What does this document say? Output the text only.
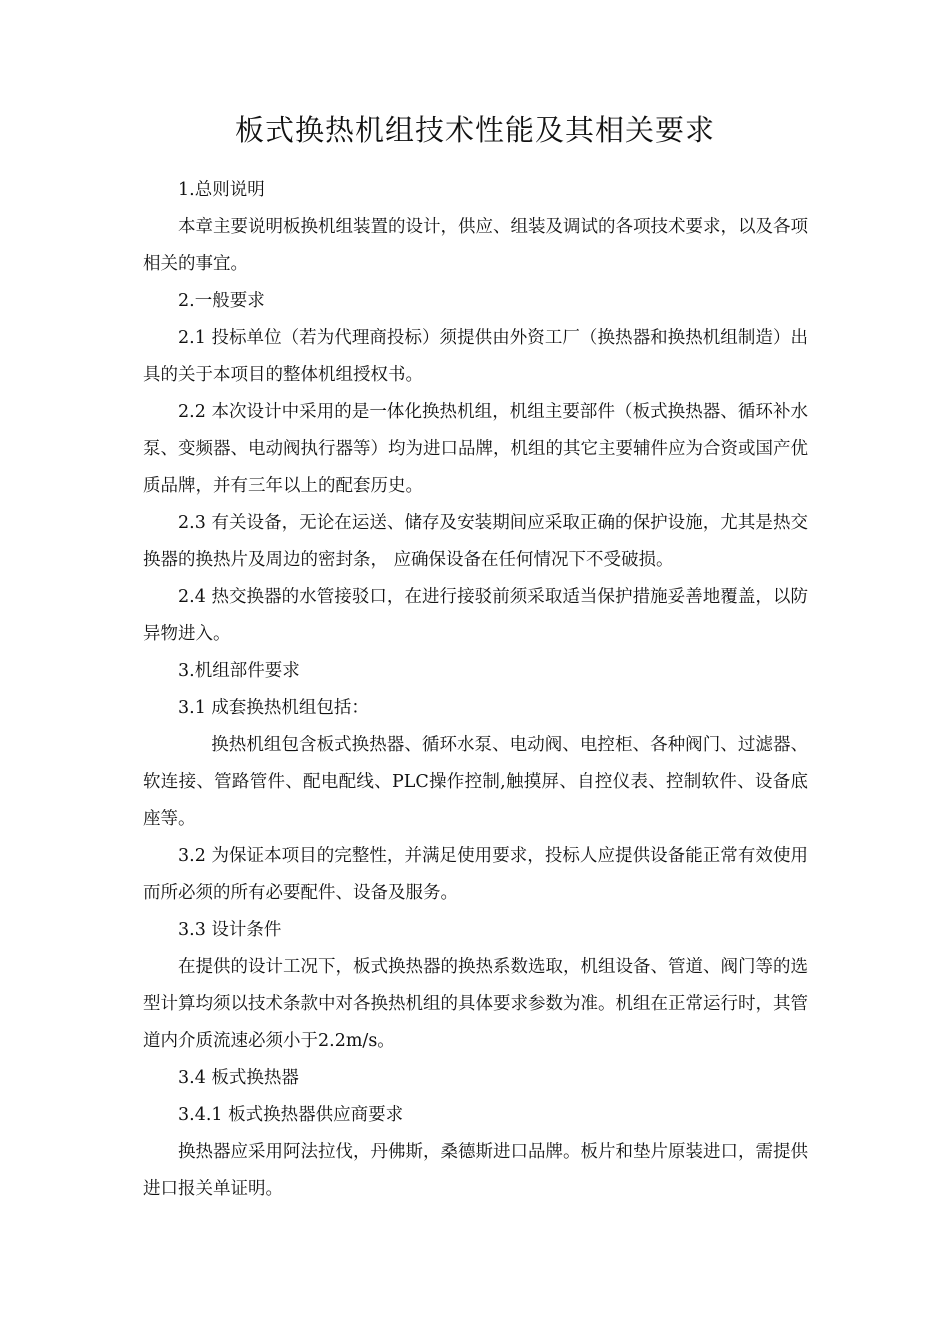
板式换热机组技术性能及其相关要求

1.总则说明

本章主要说明板换机组装置的设计，供应、组装及调试的各项技术要求，以及各项相关的事宜。

2.一般要求

2.1 投标单位（若为代理商投标）须提供由外资工厂（换热器和换热机组制造）出具的关于本项目的整体机组授权书。

2.2 本次设计中采用的是一体化换热机组，机组主要部件（板式换热器、循环补水泵、变频器、电动阀执行器等）均为进口品牌，机组的其它主要辅件应为合资或国产优质品牌，并有三年以上的配套历史。

2.3 有关设备，无论在运送、储存及安装期间应采取正确的保护设施，尤其是热交换器的换热片及周边的密封条， 应确保设备在任何情况下不受破损。

2.4 热交换器的水管接驳口，在进行接驳前须采取适当保护措施妥善地覆盖，以防异物进入。

3.机组部件要求

3.1 成套换热机组包括：

换热机组包含板式换热器、循环水泵、电动阀、电控柜、各种阀门、过滤器、软连接、管路管件、配电配线、PLC操作控制,触摸屏、自控仪表、控制软件、设备底座等。

3.2 为保证本项目的完整性，并满足使用要求，投标人应提供设备能正常有效使用而所必须的所有必要配件、设备及服务。

3.3 设计条件

在提供的设计工况下，板式换热器的换热系数选取，机组设备、管道、阀门等的选型计算均须以技术条款中对各换热机组的具体要求参数为准。机组在正常运行时，其管道内介质流速必须小于2.2m/s。

3.4 板式换热器

3.4.1 板式换热器供应商要求

换热器应采用阿法拉伐，丹佛斯，桑德斯进口品牌。板片和垫片原装进口，需提供进口报关单证明。
